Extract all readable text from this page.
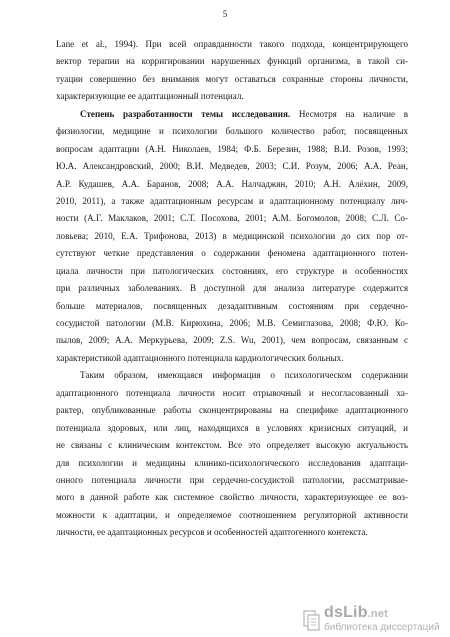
5
Lane et al., 1994). При всей оправданности такого подхода, концентрирующего
вектор терапии на корригировании нарушенных функций организма, в такой си-
туации совершенно без внимания могут оставаться сохранные стороны личности,
характеризующие ее адаптационный потенциал.
Степень разработанности темы исследования. Несмотря на наличие в
физиологии, медицине и психологии большого количество работ, посвященных
вопросам адаптации (А.Н. Николаев, 1984; Ф.Б. Березин, 1988; В.И. Розов, 1993;
Ю.А. Александровский, 2000; В.И. Медведев, 2003; С.И. Розум, 2006; А.А. Реан,
А.Р. Кудашев, А.А. Баранов, 2008; А.А. Налчаджян, 2010; А.Н. Алёхин, 2009,
2010, 2011), а также адаптационным ресурсам и адаптационному потенциалу лич-
ности (А.Г. Маклаков, 2001; С.Т. Посохова, 2001; А.М. Богомолов, 2008; С.Л. Со-
ловьева; 2010, Е.А. Трифонова, 2013) в медицинской психологии до сих пор от-
сутствуют четкие представления о содержании феномена адаптационного потен-
циала личности при патологических состояниях, его структуре и особенностях
при различных заболеваниях. В доступной для анализа литературе содержится
больше материалов, посвященных дезадаптивным состояниям при сердечно-
сосудистой патологии (М.В. Кирюхина, 2006; М.В. Семиглазова, 2008; Ф.Ю. Ко-
пылов, 2009; А.А. Меркурьева, 2009; Z.S. Wu, 2001), чем вопросам, связанным с
характеристикой адаптационного потенциала кардиологических больных.
Таким образом, имеющаяся информация о психологическом содержании
адаптационного потенциала личности носит отрывочный и несогласованный ха-
рактер, опубликованные работы сконцентрированы на специфике адаптационного
потенциала здоровых, или лиц, находящихся в условиях кризисных ситуаций, и
не связаны с клиническим контекстом. Все это определяет высокую актуальность
для психологии и медицины клинико-психологического исследования адаптаци-
онного потенциала личности при сердечно-сосудистой патологии, рассматривае-
мого в данной работе как системное свойство личности, характеризующее ее воз-
можности к адаптации, и определяемое соотношением регуляторной активности
личности, ее адаптационных ресурсов и особенностей адаптогенного контекста.
dsLib.net
библиотека диссертаций
